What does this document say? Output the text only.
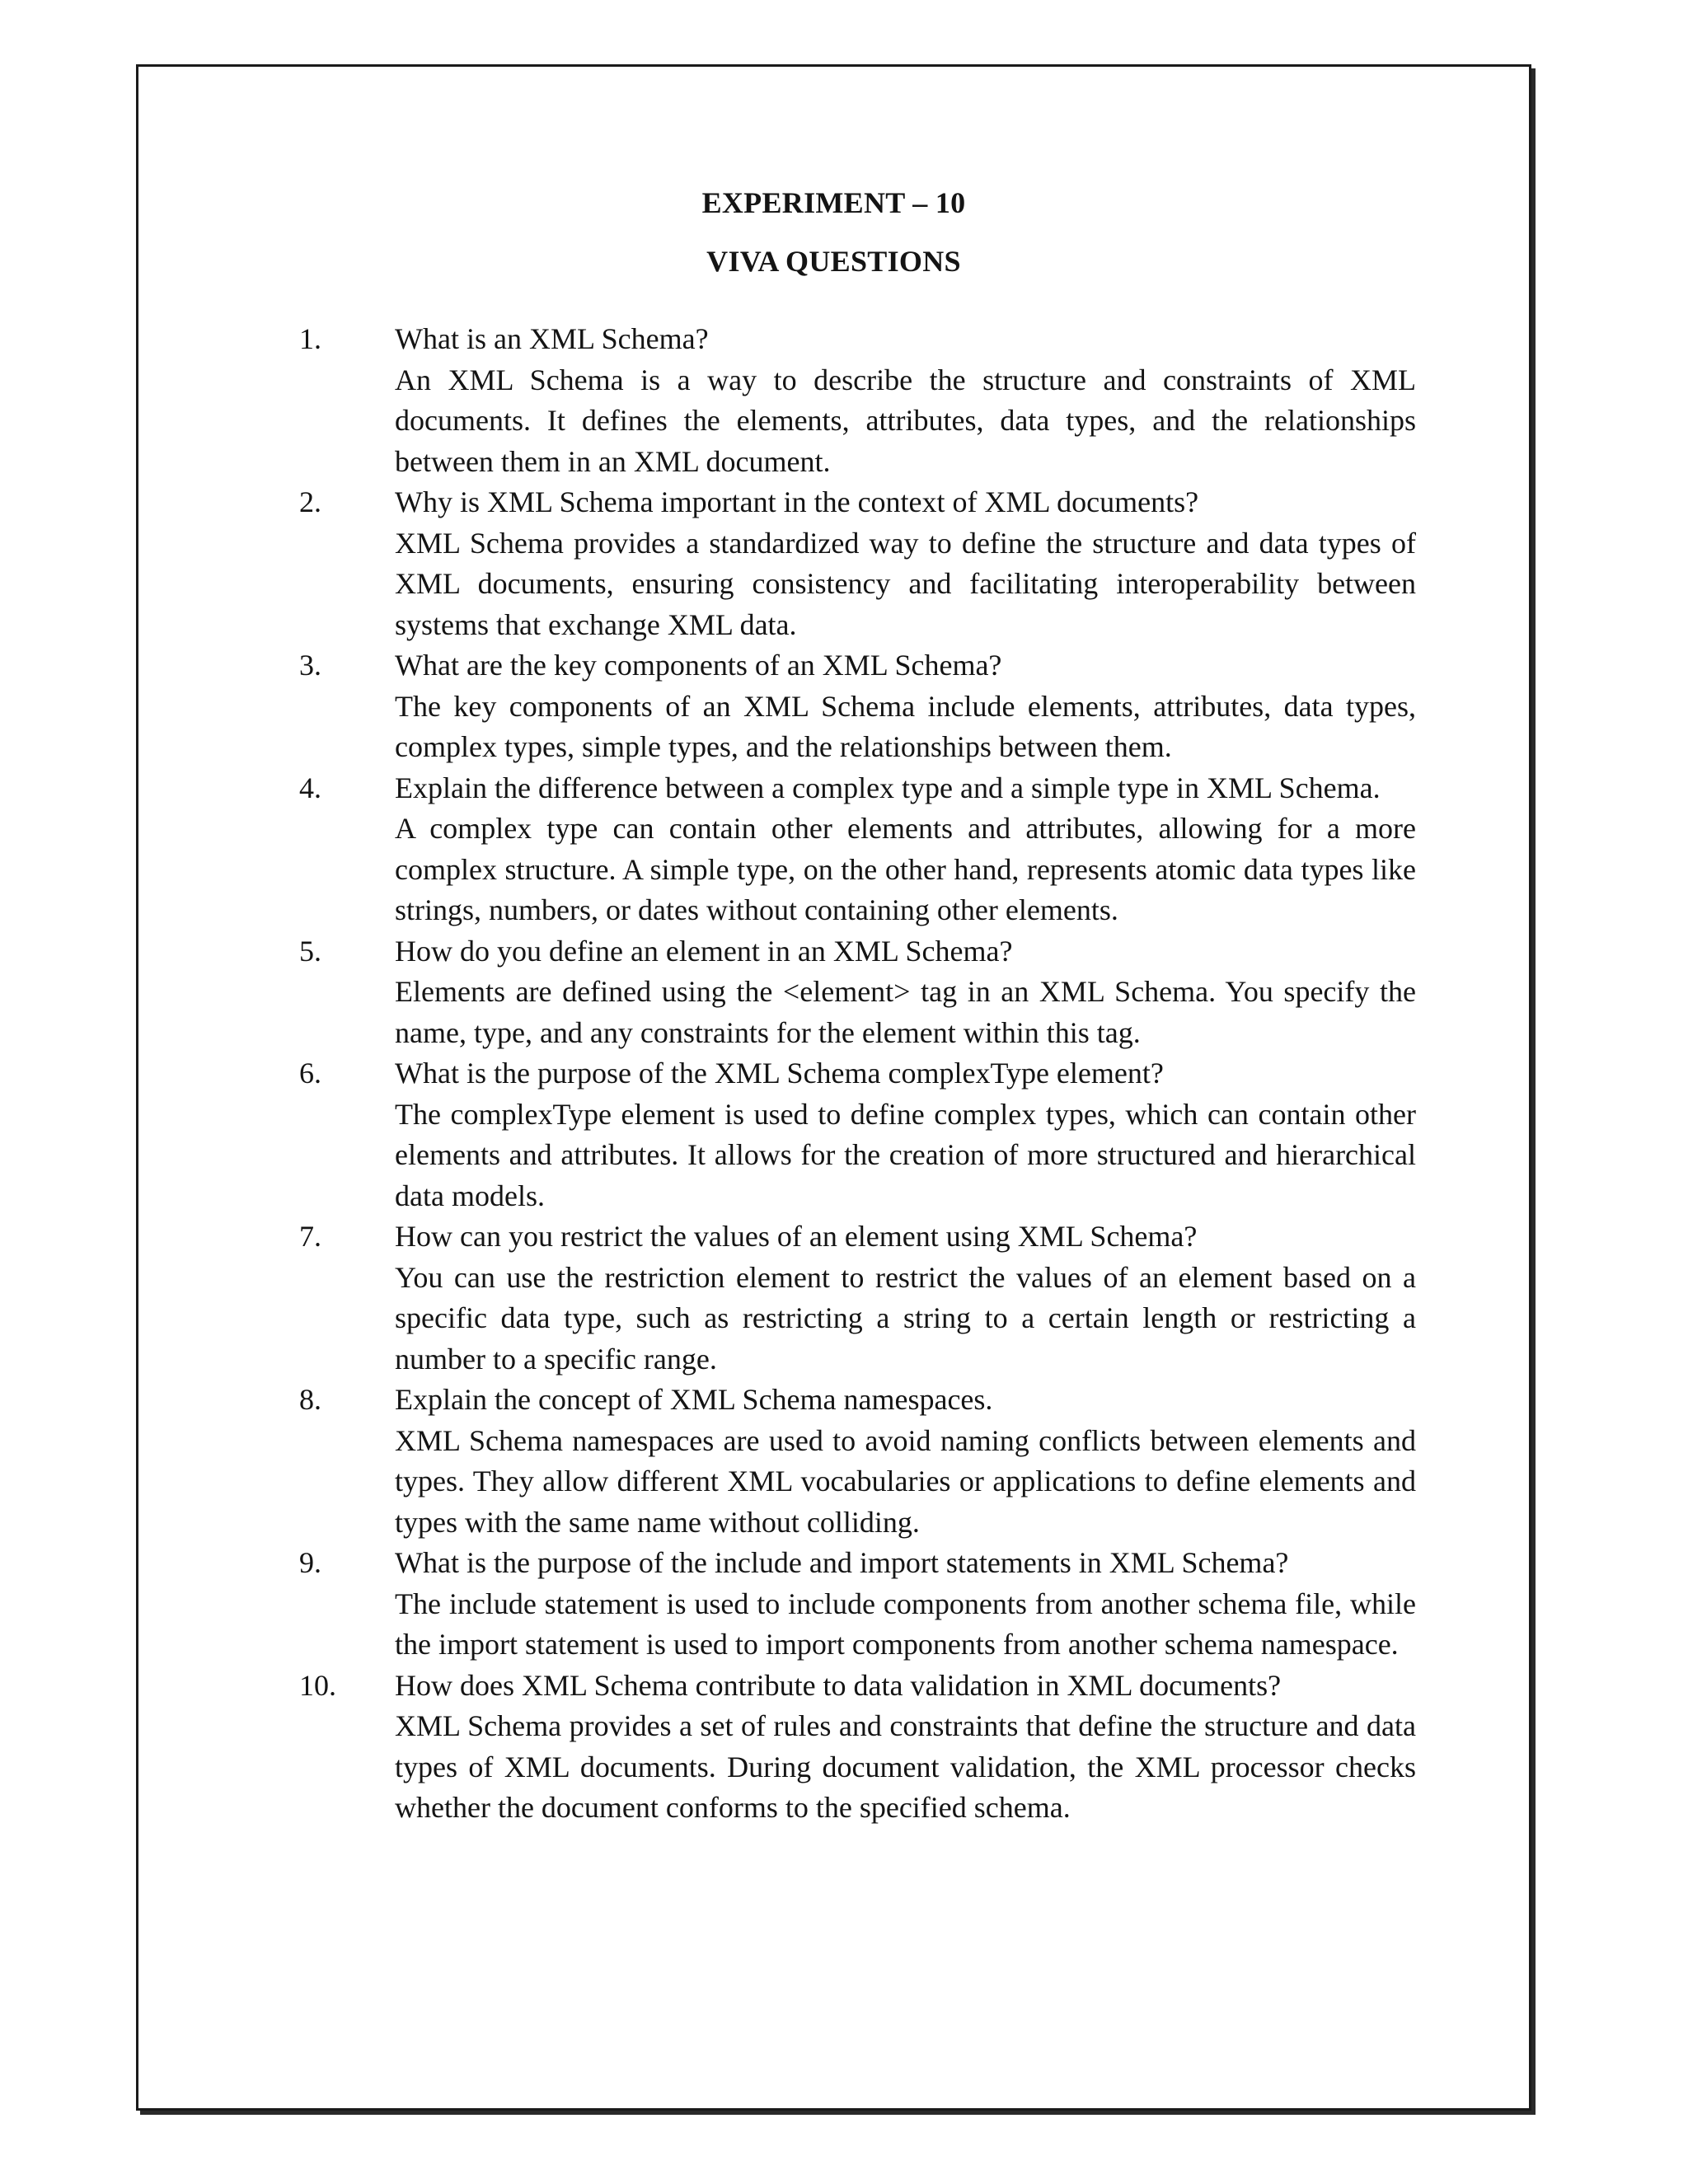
EXPERIMENT – 10
VIVA QUESTIONS
1. What is an XML Schema?
An XML Schema is a way to describe the structure and constraints of XML documents. It defines the elements, attributes, data types, and the relationships between them in an XML document.
2. Why is XML Schema important in the context of XML documents?
XML Schema provides a standardized way to define the structure and data types of XML documents, ensuring consistency and facilitating interoperability between systems that exchange XML data.
3. What are the key components of an XML Schema?
The key components of an XML Schema include elements, attributes, data types, complex types, simple types, and the relationships between them.
4. Explain the difference between a complex type and a simple type in XML Schema.
A complex type can contain other elements and attributes, allowing for a more complex structure. A simple type, on the other hand, represents atomic data types like strings, numbers, or dates without containing other elements.
5. How do you define an element in an XML Schema?
Elements are defined using the <element> tag in an XML Schema. You specify the name, type, and any constraints for the element within this tag.
6. What is the purpose of the XML Schema complexType element?
The complexType element is used to define complex types, which can contain other elements and attributes. It allows for the creation of more structured and hierarchical data models.
7. How can you restrict the values of an element using XML Schema?
You can use the restriction element to restrict the values of an element based on a specific data type, such as restricting a string to a certain length or restricting a number to a specific range.
8. Explain the concept of XML Schema namespaces.
XML Schema namespaces are used to avoid naming conflicts between elements and types. They allow different XML vocabularies or applications to define elements and types with the same name without colliding.
9. What is the purpose of the include and import statements in XML Schema?
The include statement is used to include components from another schema file, while the import statement is used to import components from another schema namespace.
10. How does XML Schema contribute to data validation in XML documents?
XML Schema provides a set of rules and constraints that define the structure and data types of XML documents. During document validation, the XML processor checks whether the document conforms to the specified schema.
